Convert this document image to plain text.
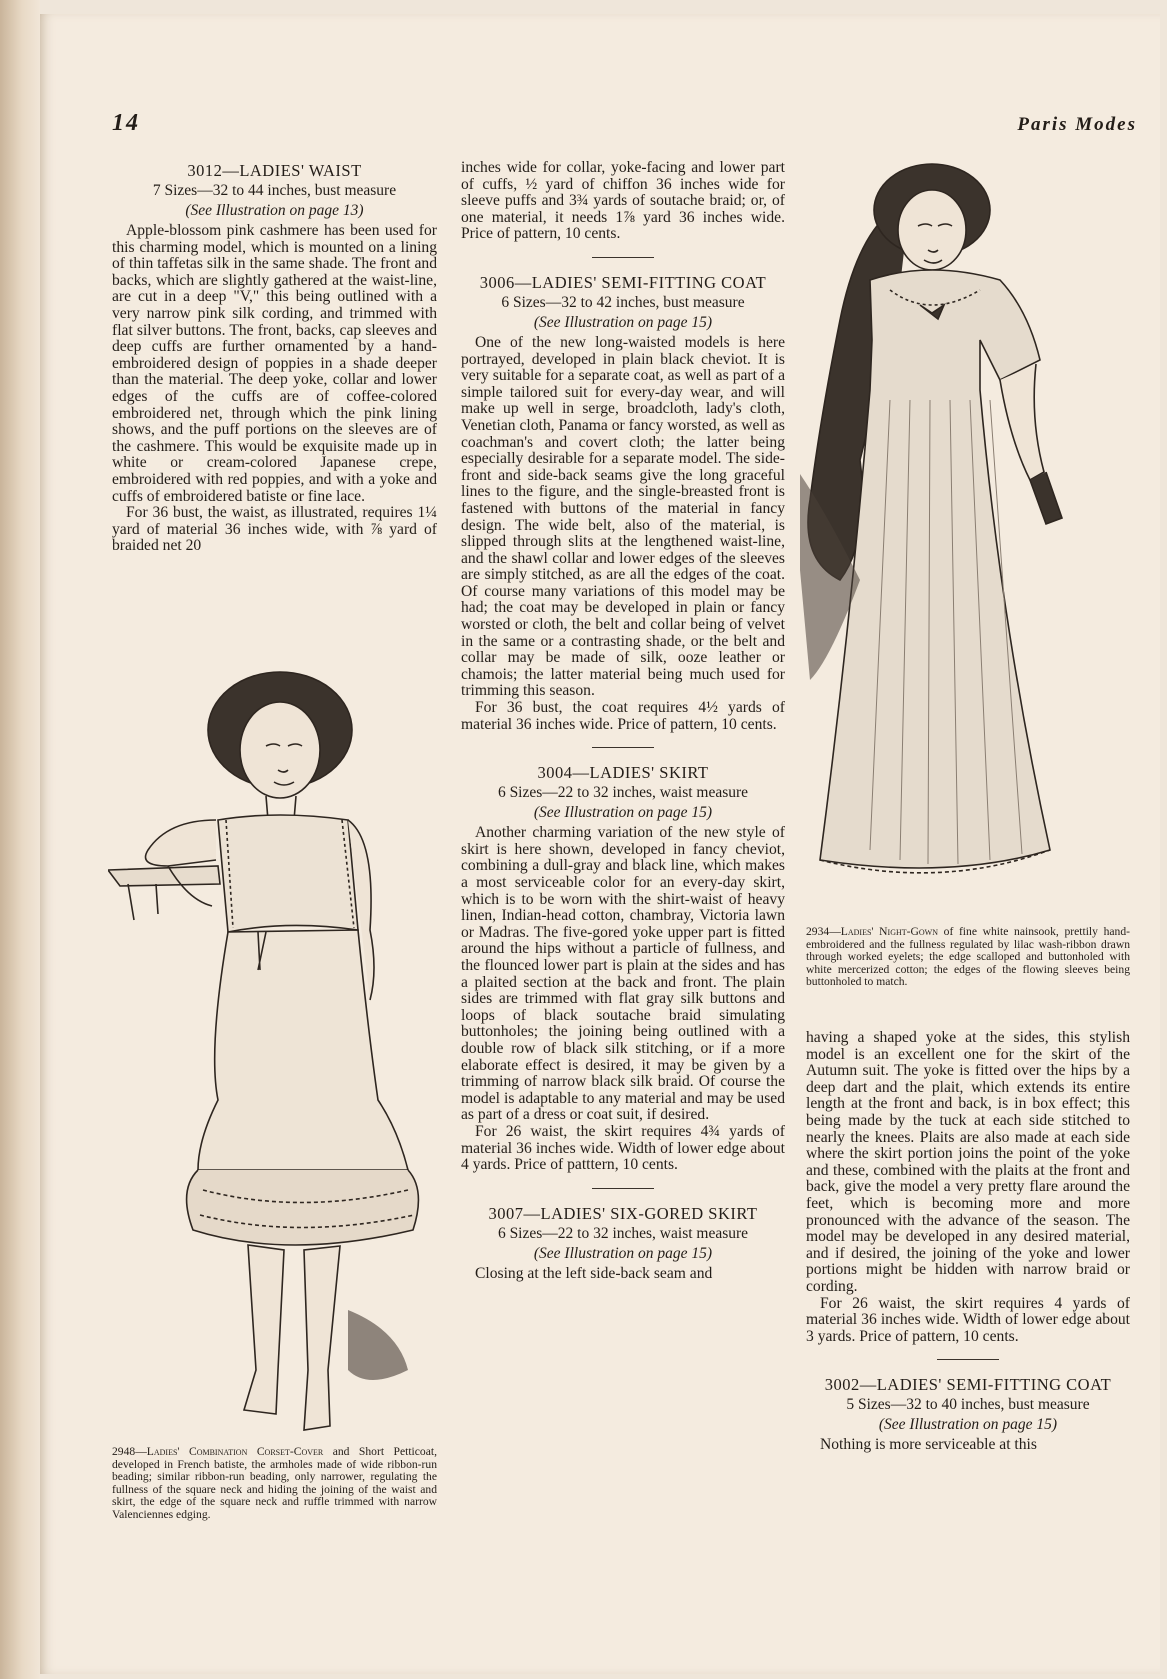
14	Paris Modes
3012—LADIES' WAIST
7 Sizes—32 to 44 inches, bust measure
(See Illustration on page 13)

Apple-blossom pink cashmere has been used for this charming model, which is mounted on a lining of thin taffetas silk in the same shade. The front and backs, which are slightly gathered at the waist-line, are cut in a deep "V," this being outlined with a very narrow pink silk cording, and trimmed with flat silver buttons. The front, backs, cap sleeves and deep cuffs are further ornamented by a hand-embroidered design of poppies in a shade deeper than the material. The deep yoke, collar and lower edges of the cuffs are of coffee-colored embroidered net, through which the pink lining shows, and the puff portions on the sleeves are of the cashmere. This would be exquisite made up in white or cream-colored Japanese crepe, embroidered with red poppies, and with a yoke and cuffs of embroidered batiste or fine lace.

For 36 bust, the waist, as illustrated, requires 1¼ yard of material 36 inches wide, with ⅞ yard of braided net 20

2948—Ladies' Combination Corset-Cover and Short Petticoat, developed in French batiste, the armholes made of wide ribbon-run beading; similar ribbon-run beading, only narrower, regulating the fullness of the square neck and hiding the joining of the waist and skirt, the edge of the square neck and ruffle trimmed with narrow Valenciennes edging.

inches wide for collar, yoke-facing and lower part of cuffs, ½ yard of chiffon 36 inches wide for sleeve puffs and 3¾ yards of soutache braid; or, of one material, it needs 1⅞ yard 36 inches wide. Price of pattern, 10 cents.

3006—LADIES' SEMI-FITTING COAT
6 Sizes—32 to 42 inches, bust measure
(See Illustration on page 15)

One of the new long-waisted models is here portrayed, developed in plain black cheviot. It is very suitable for a separate coat, as well as part of a simple tailored suit for every-day wear, and will make up well in serge, broadcloth, lady's cloth, Venetian cloth, Panama or fancy worsted, as well as coachman's and covert cloth; the latter being especially desirable for a separate model. The side-front and side-back seams give the long graceful lines to the figure, and the single-breasted front is fastened with buttons of the material in fancy design. The wide belt, also of the material, is slipped through slits at the lengthened waist-line, and the shawl collar and lower edges of the sleeves are simply stitched, as are all the edges of the coat. Of course many variations of this model may be had; the coat may be developed in plain or fancy worsted or cloth, the belt and collar being of velvet in the same or a contrasting shade, or the belt and collar may be made of silk, ooze leather or chamois; the latter material being much used for trimming this season.

For 36 bust, the coat requires 4½ yards of material 36 inches wide. Price of pattern, 10 cents.

3004—LADIES' SKIRT
6 Sizes—22 to 32 inches, waist measure
(See Illustration on page 15)

Another charming variation of the new style of skirt is here shown, developed in fancy cheviot, combining a dull-gray and black line, which makes a most serviceable color for an every-day skirt, which is to be worn with the shirt-waist of heavy linen, Indian-head cotton, chambray, Victoria lawn or Madras. The five-gored yoke upper part is fitted around the hips without a particle of fullness, and the flounced lower part is plain at the sides and has a plaited section at the back and front. The plain sides are trimmed with flat gray silk buttons and loops of black soutache braid simulating buttonholes; the joining being outlined with a double row of black silk stitching, or if a more elaborate effect is desired, it may be given by a trimming of narrow black silk braid. Of course the model is adaptable to any material and may be used as part of a dress or coat suit, if desired.

For 26 waist, the skirt requires 4¾ yards of material 36 inches wide. Width of lower edge about 4 yards. Price of patttern, 10 cents.

3007—LADIES' SIX-GORED SKIRT
6 Sizes—22 to 32 inches, waist measure
(See Illustration on page 15)

Closing at the left side-back seam and

2934—Ladies' Night-Gown of fine white nainsook, prettily hand-embroidered and the fullness regulated by lilac wash-ribbon drawn through worked eyelets; the edge scalloped and buttonholed with white mercerized cotton; the edges of the flowing sleeves being buttonholed to match.

having a shaped yoke at the sides, this stylish model is an excellent one for the skirt of the Autumn suit. The yoke is fitted over the hips by a deep dart and the plait, which extends its entire length at the front and back, is in box effect; this being made by the tuck at each side stitched to nearly the knees. Plaits are also made at each side where the skirt portion joins the point of the yoke and these, combined with the plaits at the front and back, give the model a very pretty flare around the feet, which is becoming more and more pronounced with the advance of the season. The model may be developed in any desired material, and if desired, the joining of the yoke and lower portions might be hidden with narrow braid or cording.

For 26 waist, the skirt requires 4 yards of material 36 inches wide. Width of lower edge about 3 yards. Price of pattern, 10 cents.

3002—LADIES' SEMI-FITTING COAT
5 Sizes—32 to 40 inches, bust measure
(See Illustration on page 15)

Nothing is more serviceable at this
